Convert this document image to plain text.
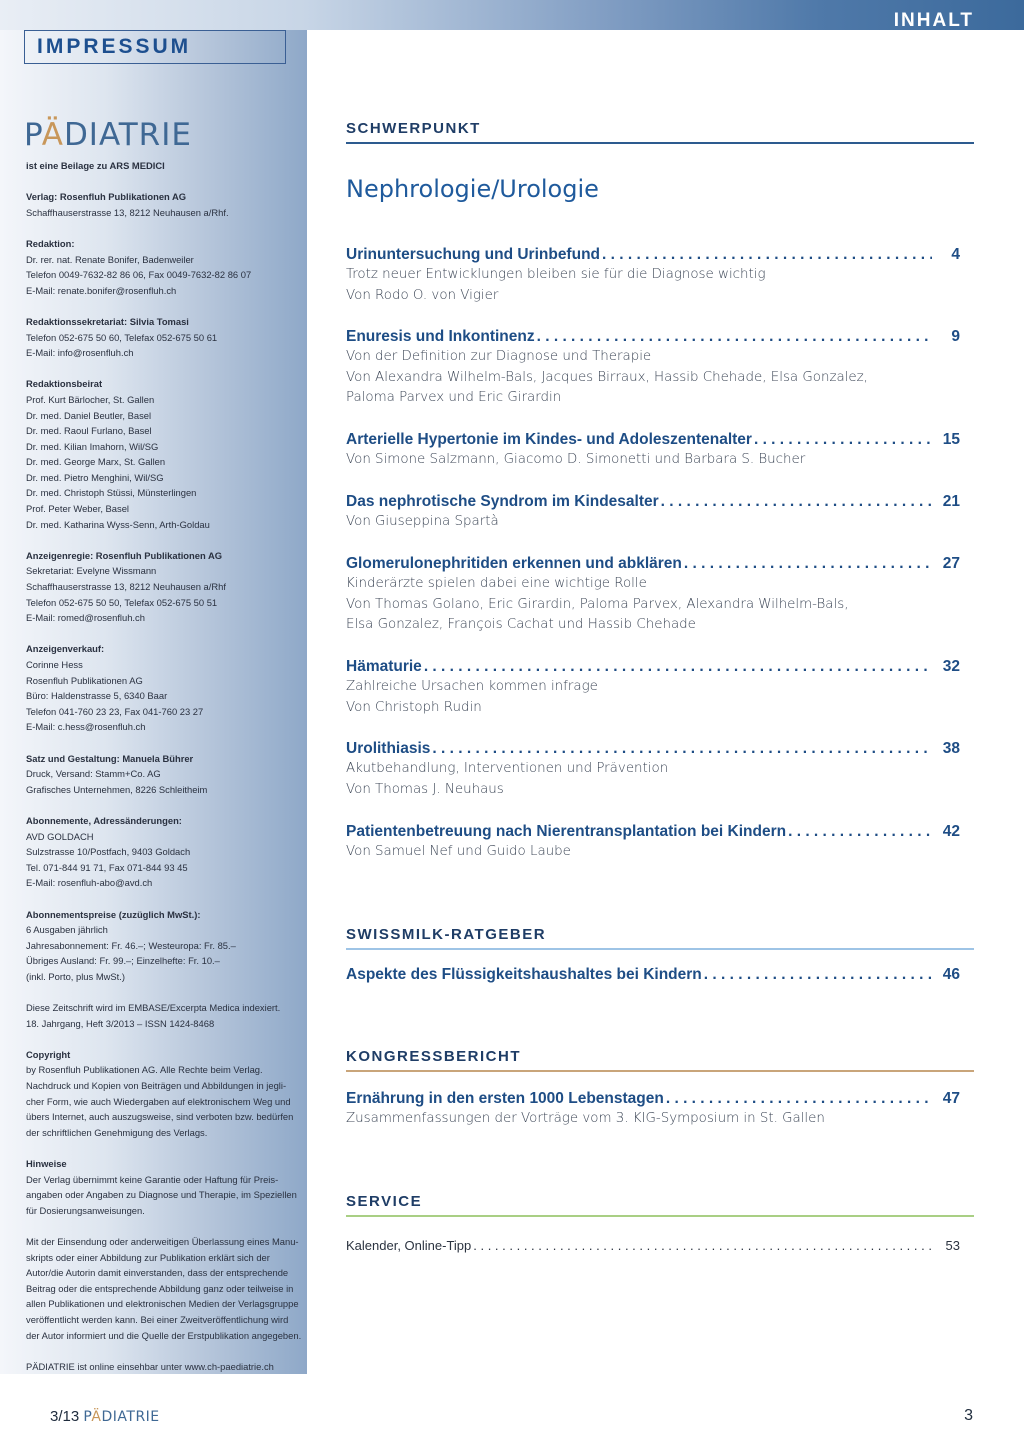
INHALT
IMPRESSUM
PÄDIATRIE

ist eine Beilage zu ARS MEDICI

Verlag: Rosenfluh Publikationen AG
Schaffhauserstrasse 13, 8212 Neuhausen a/Rhf.

Redaktion:
Dr. rer. nat. Renate Bonifer, Badenweiler
Telefon 0049-7632-82 86 06, Fax 0049-7632-82 86 07
E-Mail: renate.bonifer@rosenfluh.ch

Redaktionssekretariat: Silvia Tomasi
Telefon 052-675 50 60, Telefax 052-675 50 61
E-Mail: info@rosenfluh.ch

Redaktionsbeirat
Prof. Kurt Bärlocher, St. Gallen
Dr. med. Daniel Beutler, Basel
Dr. med. Raoul Furlano, Basel
Dr. med. Kilian Imahorn, Wil/SG
Dr. med. George Marx, St. Gallen
Dr. med. Pietro Menghini, Wil/SG
Dr. med. Christoph Stüssi, Münsterlingen
Prof. Peter Weber, Basel
Dr. med. Katharina Wyss-Senn, Arth-Goldau

Anzeigenregie: Rosenfluh Publikationen AG
Sekretariat: Evelyne Wissmann
Schaffhauserstrasse 13, 8212 Neuhausen a/Rhf
Telefon 052-675 50 50, Telefax 052-675 50 51
E-Mail: romed@rosenfluh.ch

Anzeigenverkauf:
Corinne Hess
Rosenfluh Publikationen AG
Büro: Haldenstrasse 5, 6340 Baar
Telefon 041-760 23 23, Fax 041-760 23 27
E-Mail: c.hess@rosenfluh.ch

Satz und Gestaltung: Manuela Bührer
Druck, Versand: Stamm+Co. AG
Grafisches Unternehmen, 8226 Schleitheim

Abonnemente, Adressänderungen:
AVD GOLDACH
Sulzstrasse 10/Postfach, 9403 Goldach
Tel. 071-844 91 71, Fax 071-844 93 45
E-Mail: rosenfluh-abo@avd.ch

Abonnementspreise (zuzüglich MwSt.):
6 Ausgaben jährlich
Jahresabonnement: Fr. 46.–; Westeuropa: Fr. 85.–
Übriges Ausland: Fr. 99.–; Einzelhefte: Fr. 10.–
(inkl. Porto, plus MwSt.)

Diese Zeitschrift wird im EMBASE/Excerpta Medica indexiert.
18. Jahrgang, Heft 3/2013 – ISSN 1424-8468

Copyright
by Rosenfluh Publikationen AG. Alle Rechte beim Verlag.
Nachdruck und Kopien von Beiträgen und Abbildungen in jegli-
cher Form, wie auch Wiedergaben auf elektronischem Weg und
übers Internet, auch auszugsweise, sind verboten bzw. bedürfen
der schriftlichen Genehmigung des Verlags.

Hinweise
Der Verlag übernimmt keine Garantie oder Haftung für Preis-
angaben oder Angaben zu Diagnose und Therapie, im Speziellen
für Dosierungsanweisungen.

Mit der Einsendung oder anderweitigen Überlassung eines Manu-
skripts oder einer Abbildung zur Publikation erklärt sich der
Autor/die Autorin damit einverstanden, dass der entsprechende
Beitrag oder die entsprechende Abbildung ganz oder teilweise in
allen Publikationen und elektronischen Medien der Verlagsgruppe
veröffentlicht werden kann. Bei einer Zweitveröffentlichung wird
der Autor informiert und die Quelle der Erstpublikation angegeben.

PÄDIATRIE ist online einsehbar unter www.ch-paediatrie.ch

SCHWERPUNKT
Nephrologie/Urologie
Urinuntersuchung und Urinbefund . . .	4
Trotz neuer Entwicklungen bleiben sie für die Diagnose wichtig
Von Rodo O. von Vigier
Enuresis und Inkontinenz . . .	9
Von der Definition zur Diagnose und Therapie
Von Alexandra Wilhelm-Bals, Jacques Birraux, Hassib Chehade, Elsa Gonzalez,
Paloma Parvex und Eric Girardin
Arterielle Hypertonie im Kindes- und Adoleszentenalter . . .	15
Von Simone Salzmann, Giacomo D. Simonetti und Barbara S. Bucher
Das nephrotische Syndrom im Kindesalter . . .	21
Von Giuseppina Spartà
Glomerulonephritiden erkennen und abklären . . .	27
Kinderärzte spielen dabei eine wichtige Rolle
Von Thomas Golano, Eric Girardin, Paloma Parvex, Alexandra Wilhelm-Bals,
Elsa Gonzalez, François Cachat und Hassib Chehade
Hämaturie . . .	32
Zahlreiche Ursachen kommen infrage
Von Christoph Rudin
Urolithiasis . . .	38
Akutbehandlung, Interventionen und Prävention
Von Thomas J. Neuhaus
Patientenbetreuung nach Nierentransplantation bei Kindern . . .	42
Von Samuel Nef und Guido Laube
SWISSMILK-RATGEBER
Aspekte des Flüssigkeitshaushaltes bei Kindern . . .	46
KONGRESSBERICHT
Ernährung in den ersten 1000 Lebenstagen . . .	47
Zusammenfassungen der Vorträge vom 3. KIG-Symposium in St. Gallen
SERVICE
Kalender, Online-Tipp . . .	53
3/13 PÄDIATRIE	3
